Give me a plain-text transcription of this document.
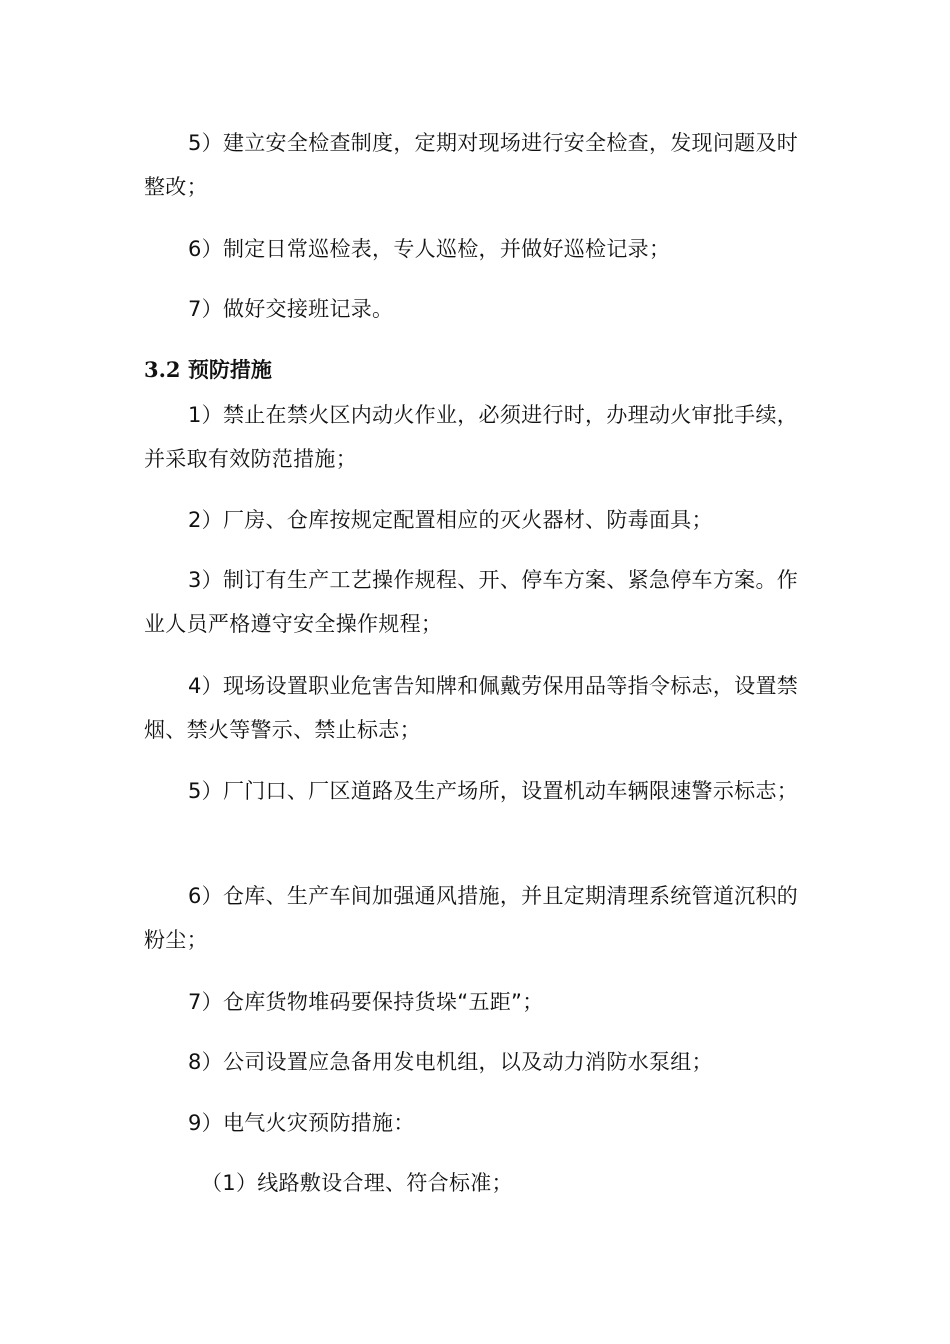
5）建立安全检查制度，定期对现场进行安全检查，发现问题及时整改；

6）制定日常巡检表，专人巡检，并做好巡检记录；

7）做好交接班记录。

3.2 预防措施

1）禁止在禁火区内动火作业，必须进行时，办理动火审批手续，并采取有效防范措施；

2）厂房、仓库按规定配置相应的灭火器材、防毒面具；

3）制订有生产工艺操作规程、开、停车方案、紧急停车方案。作业人员严格遵守安全操作规程；

4）现场设置职业危害告知牌和佩戴劳保用品等指令标志，设置禁烟、禁火等警示、禁止标志；

5）厂门口、厂区道路及生产场所，设置机动车辆限速警示标志；

6）仓库、生产车间加强通风措施，并且定期清理系统管道沉积的粉尘；

7）仓库货物堆码要保持货垛“五距”；

8）公司设置应急备用发电机组，以及动力消防水泵组；

9）电气火灾预防措施：

（1）线路敷设合理、符合标准；
